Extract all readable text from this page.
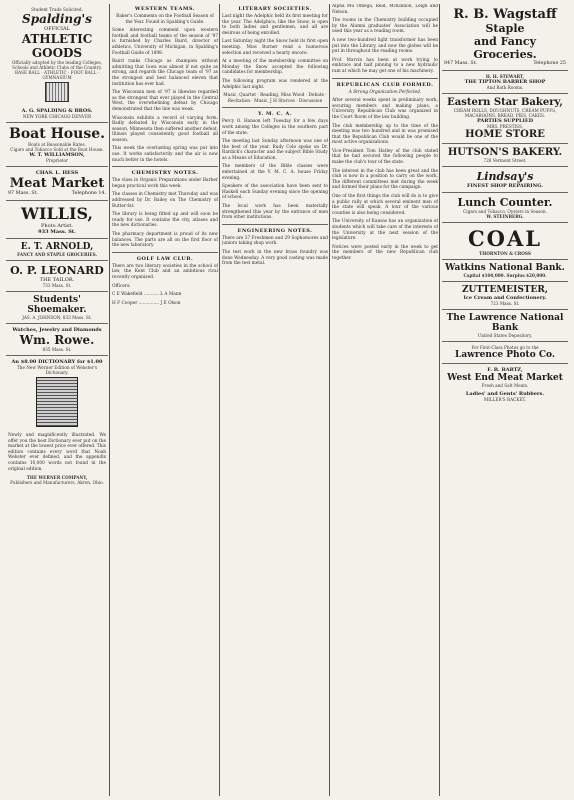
Student Trade Solicited.
Spalding's
OFFICIAL
ATHLETIC
GOODS
Officially adopted by the leading Colleges, Schools and Athletic Clubs of the Country.
BASE BALL · ATHLETIC · FOOT BALL · GYMNASIUM
A. G. SPALDING & BROS.
NEW YORK CHICAGO DENVER
Boat House.
Boats at Reasonable Rates.
Cigars and Tobacco Sold at the Boat House.
W. T. WILLIAMSON,
Proprietor
CHAS. L. HESS
Meat Market
97 Mass. St.	Telephone 14.
WILLIS,
Photo Artist.
933 Mass. St.
E. T. ARNOLD,
FANCY AND STAPLE GROCERIES.
O. P. LEONARD
THE TAILOR.
733 Mass. St.
Students' Shoemaker.
JAS. A. JOHNSON, 833 Mass. St.
Watches, Jewelry and Diamonds
Wm. Rowe.
835 Mass. St.
An $8.00 DICTIONARY for $1.00
The New Werner Edition of Webster's Dictionary.
Newly and magnificently illustrated. We offer you the best Dictionary ever put on the market at the lowest price ever offered. This edition contains every word that Noah Webster ever defined, and the appendix contains 10,000 words not found in the original edition.
THE WERNER COMPANY,
Publishers and Manufacturers, Akron, Ohio.
WESTERN TEAMS.
Baker's Comments on the Football Season of the Year. Found in Spalding's Guide.
Some interesting comment upon western football and football teams of the season of '97 is furnished by Charles Baird, director of athletics, University of Michigan, in Spalding's Football Guide of 1898.
Baird ranks Chicago as champion without admitting that Iowa was almost if not quite as strong, and regards the Chicago team of '97 as the strongest and best balanced eleven that institution has ever had.
The Wisconsin men of '97 is likewise regarded as the strongest that ever played in the Central West, the overwhelming defeat by Chicago demonstrated that the line was weak.
Wisconsin exhibits a record of varying form. Badly defeated by Wisconsin early in the season, Minnesota then suffered another defeat. Illinois played consistently good football all season.
This week the overlasting spring was put into use. It works satisfactorily and the air is now much better in the hotels.
CHEMISTRY NOTES.
The class in Organic Preparations under Barber began practical work this week.
The classes in Chemistry met Thursday and was addressed by Dr. Bailey on The Chemistry of Butter-fat.
The library is being fitted up and will soon be ready for use. It contains the city, atlases and the new dictionaries.
The pharmacy department is proud of its new balances. The parts are all on the first floor of the new laboratory.
GOLF LAW CLUB.
There are two literary societies in the school of law, the Kent Club and an ambitious rival recently organized.
Officers:
C E Wakefield ........... L A Mann
H F Cooper ............... J E Olson
LITERARY SOCIETIES.
Last night the Adelphic held its first meeting for the year. The Adelphics, like the Snow, is open to both ladies and gentlemen, and all are desirous of being enrolled.
Last Saturday night the Snow held its first open meeting. Miss Burner read a humorous selection and received a hearty encore.
At a meeting of the membership committee on Monday the Snow accepted the following candidates for membership.
The following program was rendered at the Adelphic last night.
Music, Quartet · Reading, Miss Wood · Debate · Recitation · Music, J H Sturces · Discussion
Y. M. C. A.
Percy O. Hanson left Tuesday for a few days work among the Colleges in the southern part of the state.
The meeting last Sunday afternoon was one of the best of the year. Rudy Cole spoke on Dr. Rardick's character and the subject Bible Study as a Means of Education.
The members of the Bible classes were entertained at the Y. M. C. A. house Friday evening.
Speakers of the association have been sent to Haskell each Sunday evening since the opening of school.
The local work has been materially strengthened this year by the entrance of men from other institutions.
ENGINEERING NOTES.
There are 37 Freshmen and 29 Sophomores and juniors taking shop work.
The test work in the new brass foundry was done Wednesday. A very good casting was made from the test metal.
Alpha Mu Omega, Reid, McKinnon, Leigh and Nelson.
The rooms in the Chemistry building occupied by the Alumni graduates' Association will be used this year as a reading room.
A new two-hundred light transformer has been put into the Library, and now the globes will be put in throughout the reading rooms.
Prof. Marvin has been at work trying to embrace and half pinning to a new hydraulic ram at which he may get one of his machinery.
REPUBLICAN CLUB FORMED.
A Strong Organization Perfected.
After several weeks spent in preliminary work, securing members and making plans, a University Republican Club was organized in the Court Room of the law building.
The club membership up to the time of the meeting was two hundred and in was promised that the Republican Club would be one of the most active organizations.
Vice-President Tom Hatley of the club stated that he had secured the following people to make the club's tour of the state.
The interest in the club has been great and the club is now in a position to carry on the work. The different committees met during the week and formed their plans for the campaign.
One of the first things the club will do is to give a public rally at which several eminent men of the state will speak. A tour of the various counties is also being considered.
The University of Kansas has an organization of students which will take care of the interests of the University at the next session of the legislature.
Notices were posted early in the week to get the members of the new Republican club together.
R. B. Wagstaff
Staple
and Fancy
Groceries.
847 Mass. St.	Telephone 25
H. H. STEWART,
THE TIPTON BARBER SHOP
And Bath Rooms.
Eastern Star Bakery,
CREAM ROLLS, DOUGHNUTS, CREAM PUFFS, MACAROONS, BREAD, PIES, CAKES.
PARTIES SUPPLIED
MRS. PRESTISS,
HOME STORE
HUTSON'S BAKERY.
726 Vermont Street.
Lindsay's
FINEST SHOP REPAIRING.
Lunch Counter.
Cigars and Tobacco. Oysters in Season.
W. STEINBERG.
COAL
THORNTON & CROSS
Watkins National Bank.
Capital $100,000. Surplus $20,000.
ZUTTEMEISTER,
Ice Cream and Confectionery.
723 Mass. St.
The Lawrence National Bank
United States Depository.
For First-Class Photos go to the
Lawrence Photo Co.
F. B. BARTZ,
West End Meat Market
Fresh and Salt Meats.
Ladies' and Gents' Rubbers.
MILLER'S RACKET.
